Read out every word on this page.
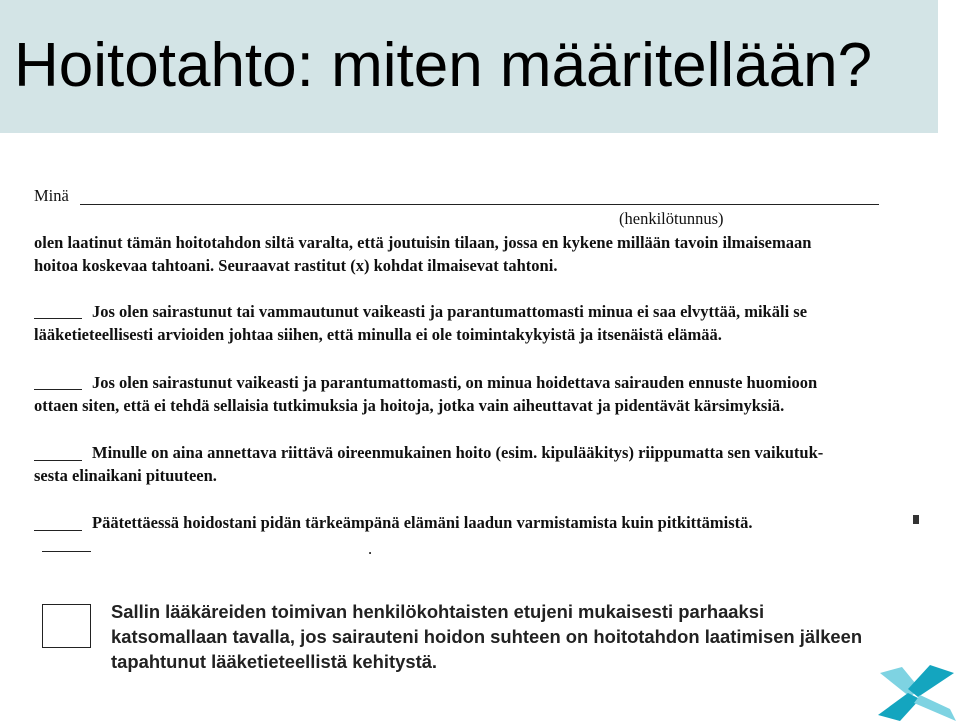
Hoitotahto: miten määritellään?
Minä
(henkilötunnus)
olen laatinut tämän hoitotahdon siltä varalta, että joutuisin tilaan, jossa en kykene millään tavoin ilmaisemaan
hoitoa koskevaa tahtoani. Seuraavat rastitut (x) kohdat ilmaisevat tahtoni.
Jos olen sairastunut tai vammautunut vaikeasti ja parantumattomasti minua ei saa elvyttää, mikäli se
lääketieteellisesti arvioiden johtaa siihen, että minulla ei ole toimintakykyistä ja itsenäistä elämää.
Jos olen sairastunut vaikeasti ja parantumattomasti, on minua hoidettava sairauden ennuste huomioon
ottaen siten, että ei tehdä sellaisia tutkimuksia ja hoitoja, jotka vain aiheuttavat ja pidentävät kärsimyksiä.
Minulle on aina annettava riittävä oireenmukainen hoito (esim. kipulääkitys) riippumatta sen vaikutuk-
sesta elinaikani pituuteen.
Päätettäessä hoidostani pidän tärkeämpänä elämäni laadun varmistamista kuin pitkittämistä.
.
Sallin lääkäreiden toimivan henkilökohtaisten etujeni mukaisesti parhaaksi
katsomallaan tavalla, jos sairauteni hoidon suhteen on hoitotahdon laatimisen jälkeen
tapahtunut lääketieteellistä kehitystä.
